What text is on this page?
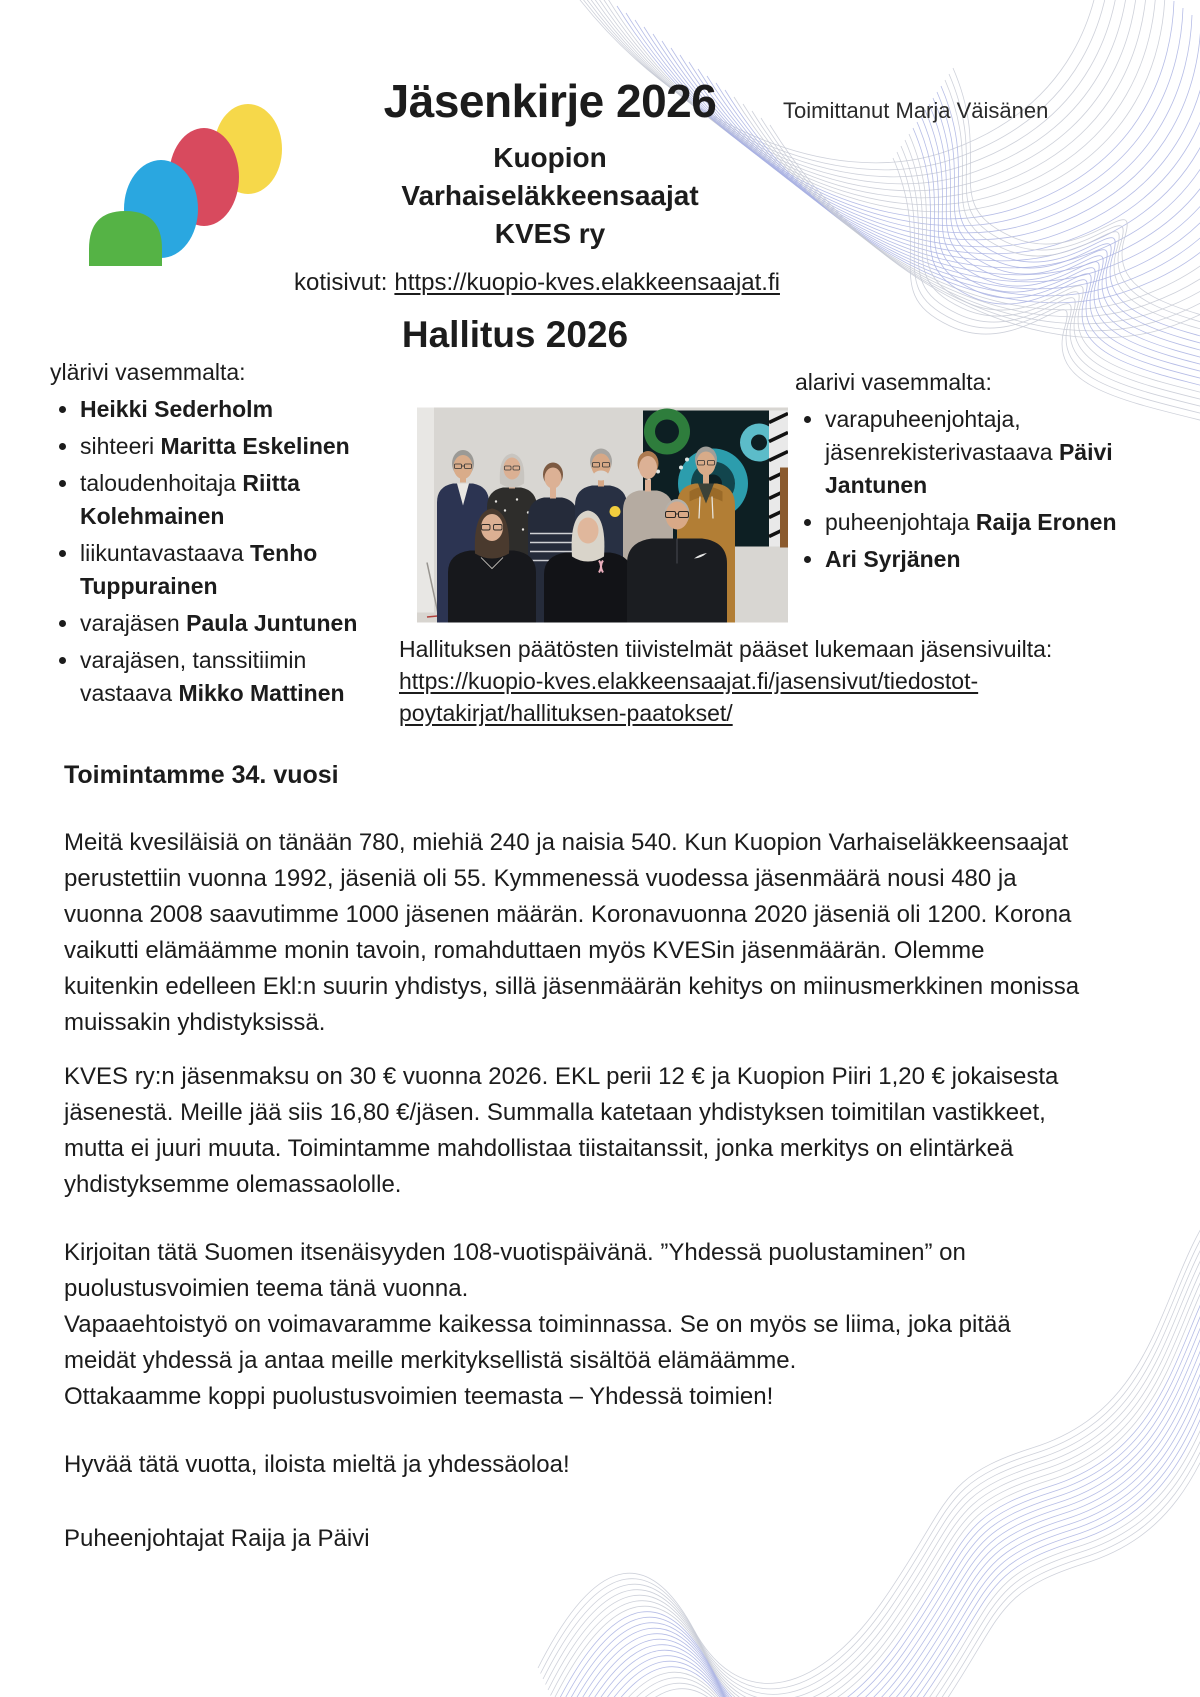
Jäsenkirje 2026
Kuopion
Varhaiseläkkeensaajat
KVES ry
Toimittanut Marja Väisänen
kotisivut: https://kuopio-kves.elakkeensaajat.fi
Hallitus 2026

ylärivi vasemmalta:

• Heikki Sederholm
• sihteeri Maritta Eskelinen
• taloudenhoitaja Riitta Kolehmainen
• liikuntavastaava Tenho Tuppurainen
• varajäsen Paula Juntunen
• varajäsen, tanssitiimin vastaava Mikko Mattinen

alarivi vasemmalta:

• varapuheenjohtaja, jäsenrekisterivastaava Päivi Jantunen
• puheenjohtaja Raija Eronen
• Ari Syrjänen
Hallituksen päätösten tiivistelmät pääset lukemaan jäsensivuilta:
https://kuopio-kves.elakkeensaajat.fi/jasensivut/tiedostot-poytakirjat/hallituksen-paatokset/
Toimintamme 34. vuosi

Meitä kvesiläisiä on tänään 780, miehiä 240 ja naisia 540. Kun Kuopion Varhaiseläkkeensaajat perustettiin vuonna 1992, jäseniä oli 55. Kymmenessä vuodessa jäsenmäärä nousi 480 ja vuonna 2008 saavutimme 1000 jäsenen määrän. Koronavuonna 2020 jäseniä oli 1200. Korona vaikutti elämäämme monin tavoin, romahduttaen myös KVESin jäsenmäärän. Olemme kuitenkin edelleen Ekl:n suurin yhdistys, sillä jäsenmäärän kehitys on miinusmerkkinen monissa muissakin yhdistyksissä.

KVES ry:n jäsenmaksu on 30 € vuonna 2026. EKL perii 12 € ja Kuopion Piiri 1,20 € jokaisesta jäsenestä. Meille jää siis 16,80 €/jäsen. Summalla katetaan yhdistyksen toimitilan vastikkeet, mutta ei juuri muuta. Toimintamme mahdollistaa tiistaitanssit, jonka merkitys on elintärkeä yhdistyksemme olemassaololle.

Kirjoitan tätä Suomen itsenäisyyden 108-vuotispäivänä. ”Yhdessä puolustaminen” on puolustusvoimien teema tänä vuonna.

Vapaaehtoistyö on voimavaramme kaikessa toiminnassa. Se on myös se liima, joka pitää meidät yhdessä ja antaa meille merkityksellistä sisältöä elämäämme.

Ottakaamme koppi puolustusvoimien teemasta – Yhdessä toimien!

Hyvää tätä vuotta, iloista mieltä ja yhdessäoloa!

Puheenjohtajat Raija ja Päivi
